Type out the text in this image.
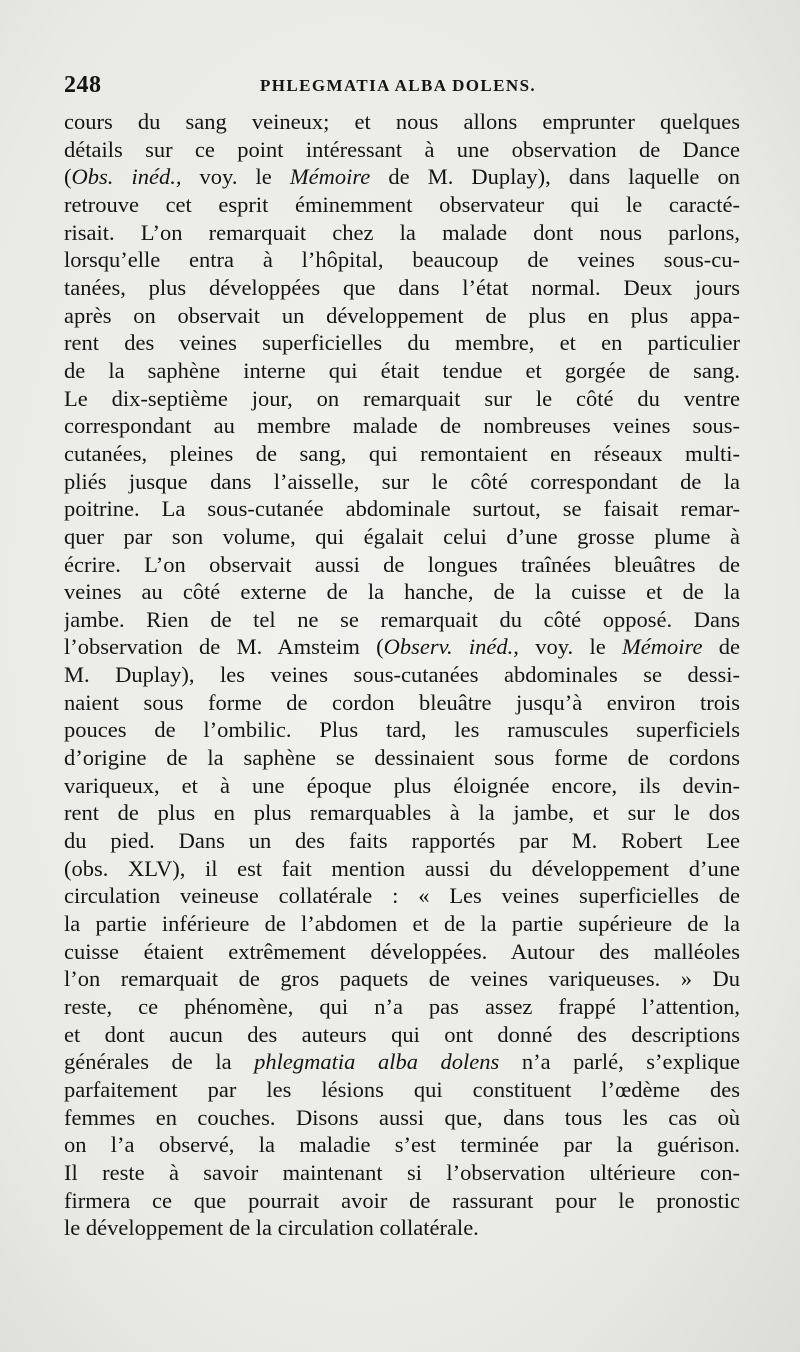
248	PHLEGMATIA ALBA DOLENS.
cours du sang veineux; et nous allons emprunter quelques
détails sur ce point intéressant à une observation de Dance
(Obs. inéd., voy. le Mémoire de M. Duplay), dans laquelle on
retrouve cet esprit éminemment observateur qui le caracté-
risait. L’on remarquait chez la malade dont nous parlons,
lorsqu’elle entra à l’hôpital, beaucoup de veines sous-cu-
tanées, plus développées que dans l’état normal. Deux jours
après on observait un développement de plus en plus appa-
rent des veines superficielles du membre, et en particulier
de la saphène interne qui était tendue et gorgée de sang.
Le dix-septième jour, on remarquait sur le côté du ventre
correspondant au membre malade de nombreuses veines sous-
cutanées, pleines de sang, qui remontaient en réseaux multi-
pliés jusque dans l’aisselle, sur le côté correspondant de la
poitrine. La sous-cutanée abdominale surtout, se faisait remar-
quer par son volume, qui égalait celui d’une grosse plume à
écrire. L’on observait aussi de longues traînées bleuâtres de
veines au côté externe de la hanche, de la cuisse et de la
jambe. Rien de tel ne se remarquait du côté opposé. Dans
l’observation de M. Amsteim (Observ. inéd., voy. le Mémoire de
M. Duplay), les veines sous-cutanées abdominales se dessi-
naient sous forme de cordon bleuâtre jusqu’à environ trois
pouces de l’ombilic. Plus tard, les ramuscules superficiels
d’origine de la saphène se dessinaient sous forme de cordons
variqueux, et à une époque plus éloignée encore, ils devin-
rent de plus en plus remarquables à la jambe, et sur le dos
du pied. Dans un des faits rapportés par M. Robert Lee
(obs. XLV), il est fait mention aussi du développement d’une
circulation veineuse collatérale : « Les veines superficielles de
la partie inférieure de l’abdomen et de la partie supérieure de la
cuisse étaient extrêmement développées. Autour des malléoles
l’on remarquait de gros paquets de veines variqueuses. » Du
reste, ce phénomène, qui n’a pas assez frappé l’attention,
et dont aucun des auteurs qui ont donné des descriptions
générales de la phlegmatia alba dolens n’a parlé, s’explique
parfaitement par les lésions qui constituent l’œdème des
femmes en couches. Disons aussi que, dans tous les cas où
on l’a observé, la maladie s’est terminée par la guérison.
Il reste à savoir maintenant si l’observation ultérieure con-
firmera ce que pourrait avoir de rassurant pour le pronostic
le développement de la circulation collatérale.
